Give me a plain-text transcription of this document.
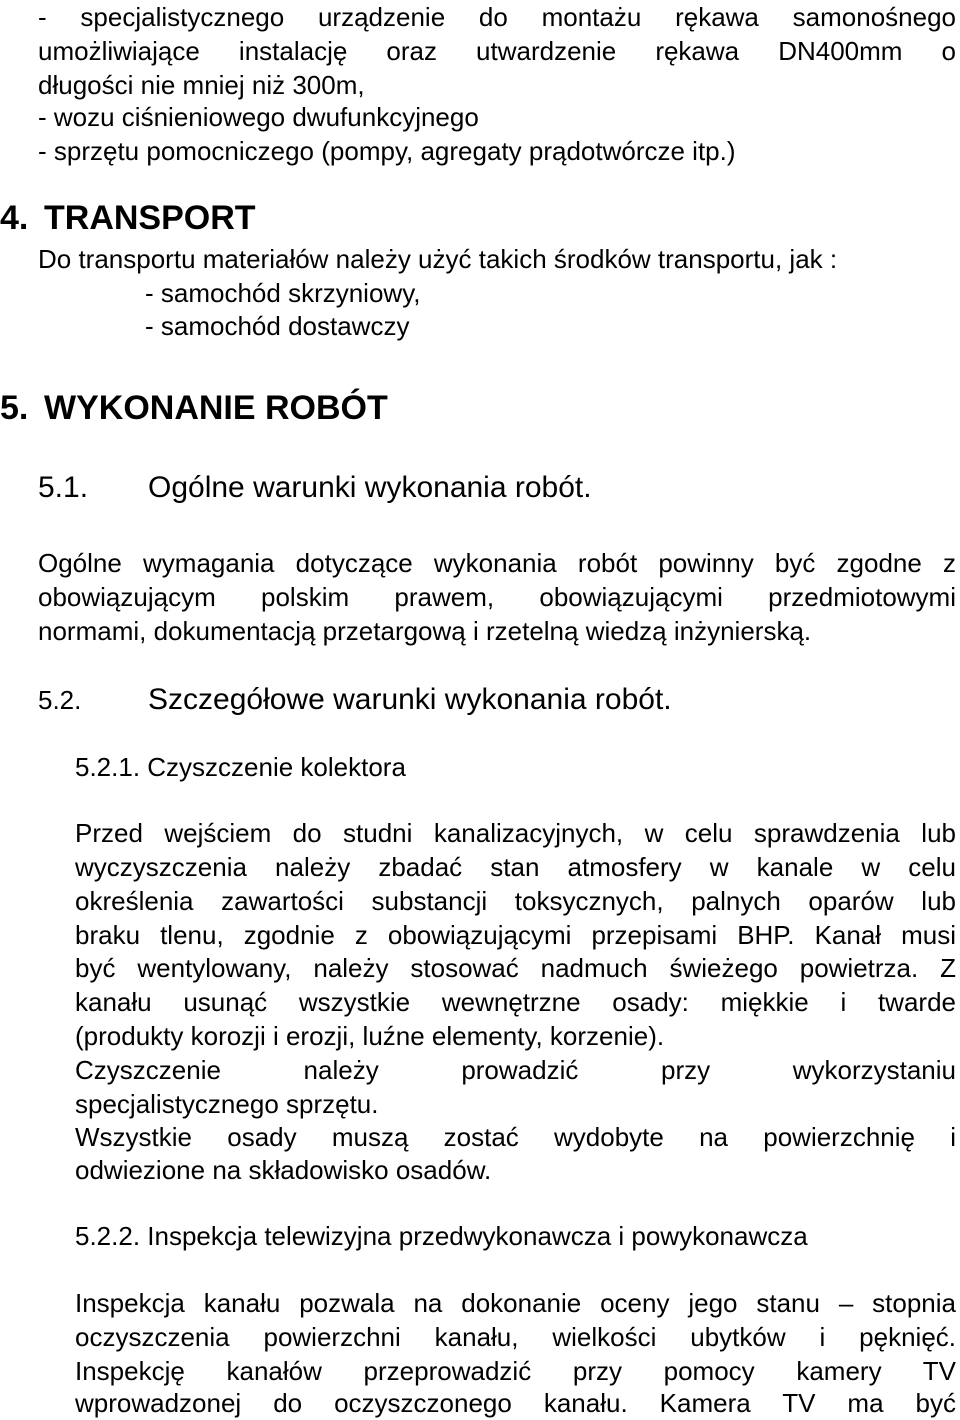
- specjalistycznego urządzenie do montażu rękawa samonośnego
umożliwiające instalację oraz utwardzenie rękawa DN400mm o
długości nie mniej niż 300m,
- wozu ciśnieniowego dwufunkcyjnego
- sprzętu pomocniczego (pompy, agregaty prądotwórcze itp.)
4. TRANSPORT
Do transportu materiałów należy użyć takich środków transportu, jak :
- samochód skrzyniowy,
- samochód dostawczy
5. WYKONANIE ROBÓT
5.1. Ogólne warunki wykonania robót.
Ogólne wymagania dotyczące wykonania robót powinny być zgodne z
obowiązującym polskim prawem, obowiązującymi przedmiotowymi
normami, dokumentacją przetargową i rzetelną wiedzą inżynierską.
5.2. Szczegółowe warunki wykonania robót.
5.2.1. Czyszczenie kolektora
Przed wejściem do studni kanalizacyjnych, w celu sprawdzenia lub
wyczyszczenia należy zbadać stan atmosfery w kanale w celu
określenia zawartości substancji toksycznych, palnych oparów lub
braku tlenu, zgodnie z obowiązującymi przepisami BHP. Kanał musi
być wentylowany, należy stosować nadmuch świeżego powietrza. Z
kanału usunąć wszystkie wewnętrzne osady: miękkie i twarde
(produkty korozji i erozji, luźne elementy, korzenie).
Czyszczenie należy prowadzić przy wykorzystaniu
specjalistycznego sprzętu.
Wszystkie osady muszą zostać wydobyte na powierzchnię i
odwiezione na składowisko osadów.
5.2.2. Inspekcja telewizyjna przedwykonawcza i powykonawcza
Inspekcja kanału pozwala na dokonanie oceny jego stanu – stopnia
oczyszczenia powierzchni kanału, wielkości ubytków i pęknięć.
Inspekcję kanałów przeprowadzić przy pomocy kamery TV
wprowadzonej do oczyszczonego kanału. Kamera TV ma być
